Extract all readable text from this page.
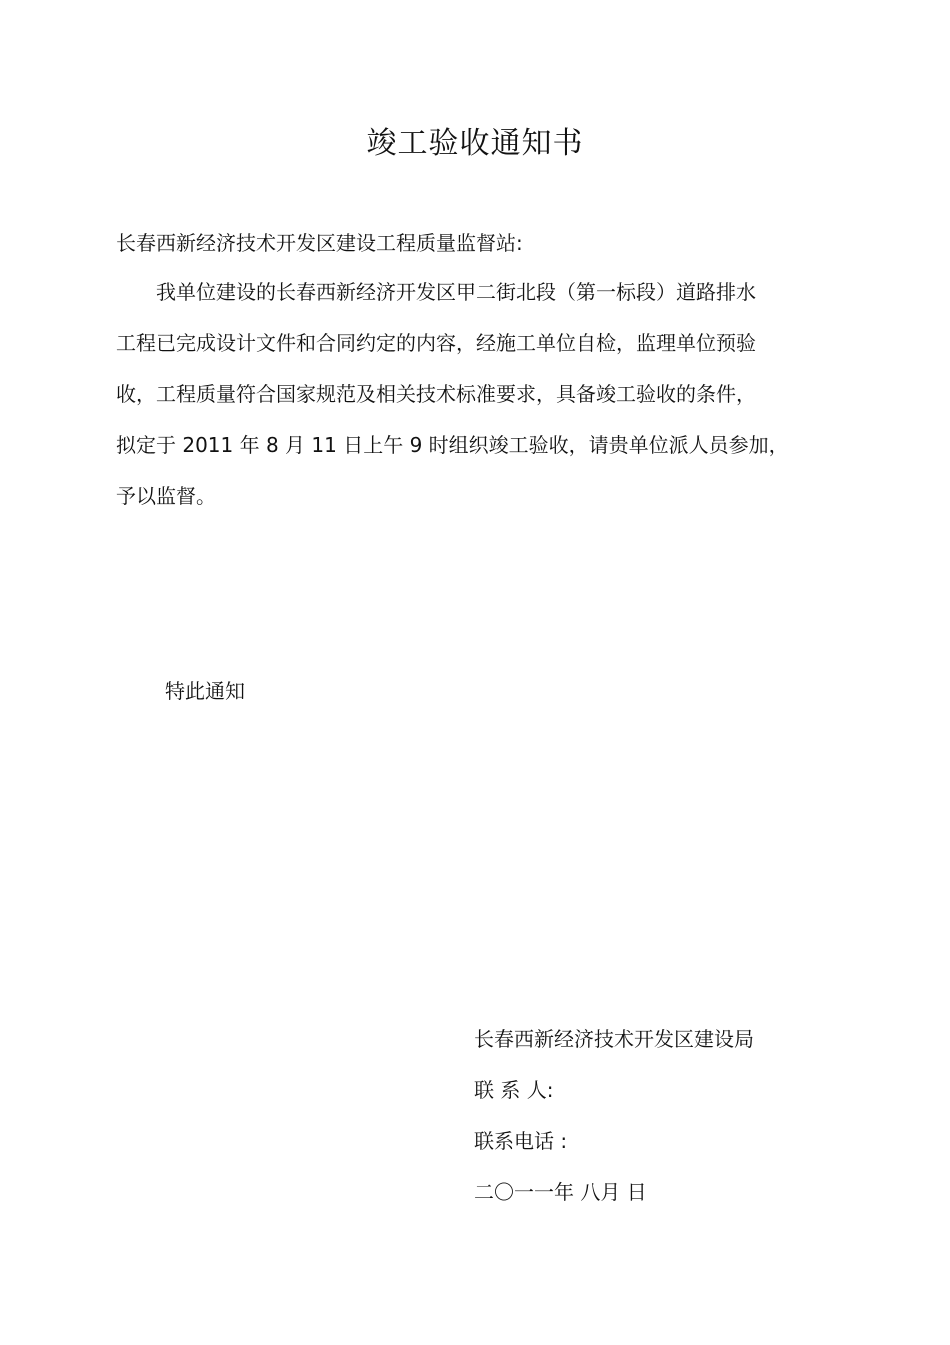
竣工验收通知书
长春西新经济技术开发区建设工程质量监督站:
我单位建设的长春西新经济开发区甲二街北段（第一标段）道路排水
工程已完成设计文件和合同约定的内容，经施工单位自检，监理单位预验
收，工程质量符合国家规范及相关技术标准要求，具备竣工验收的条件，
拟定于 2011 年 8 月 11 日上午 9 时组织竣工验收，请贵单位派人员参加，
予以监督。
特此通知
长春西新经济技术开发区建设局
联 系 人:
联系电话 :
二〇一一年 八月 日
